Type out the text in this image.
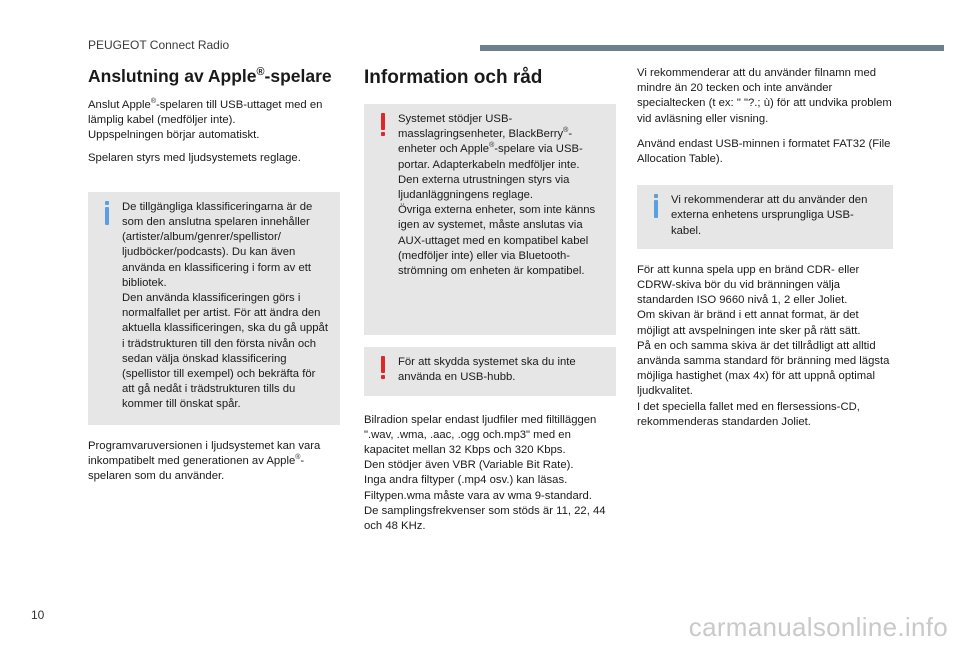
PEUGEOT Connect Radio
Anslutning av Apple®-spelare

Anslut Apple®-spelaren till USB-uttaget med en lämplig kabel (medföljer inte).
Uppspelningen börjar automatiskt.

Spelaren styrs med ljudsystemets reglage.

De tillgängliga klassificeringarna är de som den anslutna spelaren innehåller (artister/album/genrer/spellistor/ ljudböcker/podcasts). Du kan även använda en klassificering i form av ett bibliotek.
Den använda klassificeringen görs i normalfallet per artist. För att ändra den aktuella klassificeringen, ska du gå uppåt i trädstrukturen till den första nivån och sedan välja önskad klassificering (spellistor till exempel) och bekräfta för att gå nedåt i trädstrukturen tills du kommer till önskat spår.

Programvaruversionen i ljudsystemet kan vara inkompatibelt med generationen av Apple®-spelaren som du använder.

Information och råd

Systemet stödjer USB-masslagringsenheter, BlackBerry®-enheter och Apple®-spelare via USB-portar. Adapterkabeln medföljer inte.
Den externa utrustningen styrs via ljudanläggningens reglage.
Övriga externa enheter, som inte känns igen av systemet, måste anslutas via AUX-uttaget med en kompatibel kabel (medföljer inte) eller via Bluetooth-strömning om enheten är kompatibel.

För att skydda systemet ska du inte använda en USB-hubb.

Bilradion spelar endast ljudfiler med filtilläggen ".wav, .wma, .aac, .ogg och.mp3" med en kapacitet mellan 32 Kbps och 320 Kbps.
Den stödjer även VBR (Variable Bit Rate).
Inga andra filtyper (.mp4 osv.) kan läsas.
Filtypen.wma måste vara av wma 9-standard.
De samplingsfrekvenser som stöds är 11, 22, 44 och 48 KHz.

Vi rekommenderar att du använder filnamn med mindre än 20 tecken och inte använder specialtecken (t ex: " "?.; ù) för att undvika problem vid avläsning eller visning.

Använd endast USB-minnen i formatet FAT32 (File Allocation Table).

Vi rekommenderar att du använder den externa enhetens ursprungliga USB-kabel.

För att kunna spela upp en bränd CDR- eller CDRW-skiva bör du vid bränningen välja standarden ISO 9660 nivå 1, 2 eller Joliet.
Om skivan är bränd i ett annat format, är det möjligt att avspelningen inte sker på rätt sätt.
På en och samma skiva är det tillrådligt att alltid använda samma standard för bränning med lägsta möjliga hastighet (max 4x) för att uppnå optimal ljudkvalitet.
I det speciella fallet med en flersessions-CD, rekommenderas standarden Joliet.

10	carmanualsonline.info
